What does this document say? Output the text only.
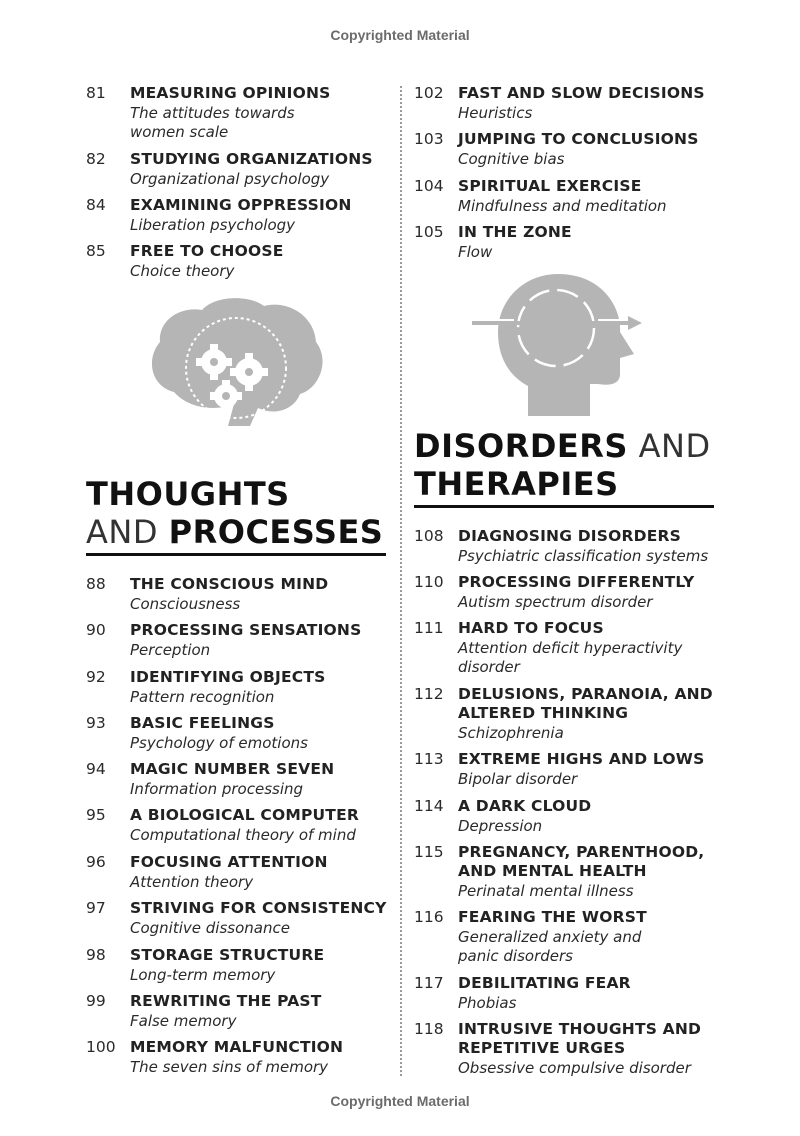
Copyrighted Material
81 MEASURING OPINIONS
The attitudes towards
women scale
82 STUDYING ORGANIZATIONS
Organizational psychology
84 EXAMINING OPPRESSION
Liberation psychology
85 FREE TO CHOOSE
Choice theory
THOUGHTS
AND PROCESSES
88 THE CONSCIOUS MIND
Consciousness
90 PROCESSING SENSATIONS
Perception
92 IDENTIFYING OBJECTS
Pattern recognition
93 BASIC FEELINGS
Psychology of emotions
94 MAGIC NUMBER SEVEN
Information processing
95 A BIOLOGICAL COMPUTER
Computational theory of mind
96 FOCUSING ATTENTION
Attention theory
97 STRIVING FOR CONSISTENCY
Cognitive dissonance
98 STORAGE STRUCTURE
Long-term memory
99 REWRITING THE PAST
False memory
100 MEMORY MALFUNCTION
The seven sins of memory
102 FAST AND SLOW DECISIONS
Heuristics
103 JUMPING TO CONCLUSIONS
Cognitive bias
104 SPIRITUAL EXERCISE
Mindfulness and meditation
105 IN THE ZONE
Flow
DISORDERS AND
THERAPIES
108 DIAGNOSING DISORDERS
Psychiatric classification systems
110 PROCESSING DIFFERENTLY
Autism spectrum disorder
111 HARD TO FOCUS
Attention deficit hyperactivity
disorder
112 DELUSIONS, PARANOIA, AND
ALTERED THINKING
Schizophrenia
113 EXTREME HIGHS AND LOWS
Bipolar disorder
114 A DARK CLOUD
Depression
115 PREGNANCY, PARENTHOOD,
AND MENTAL HEALTH
Perinatal mental illness
116 FEARING THE WORST
Generalized anxiety and
panic disorders
117 DEBILITATING FEAR
Phobias
118 INTRUSIVE THOUGHTS AND
REPETITIVE URGES
Obsessive compulsive disorder
Copyrighted Material
